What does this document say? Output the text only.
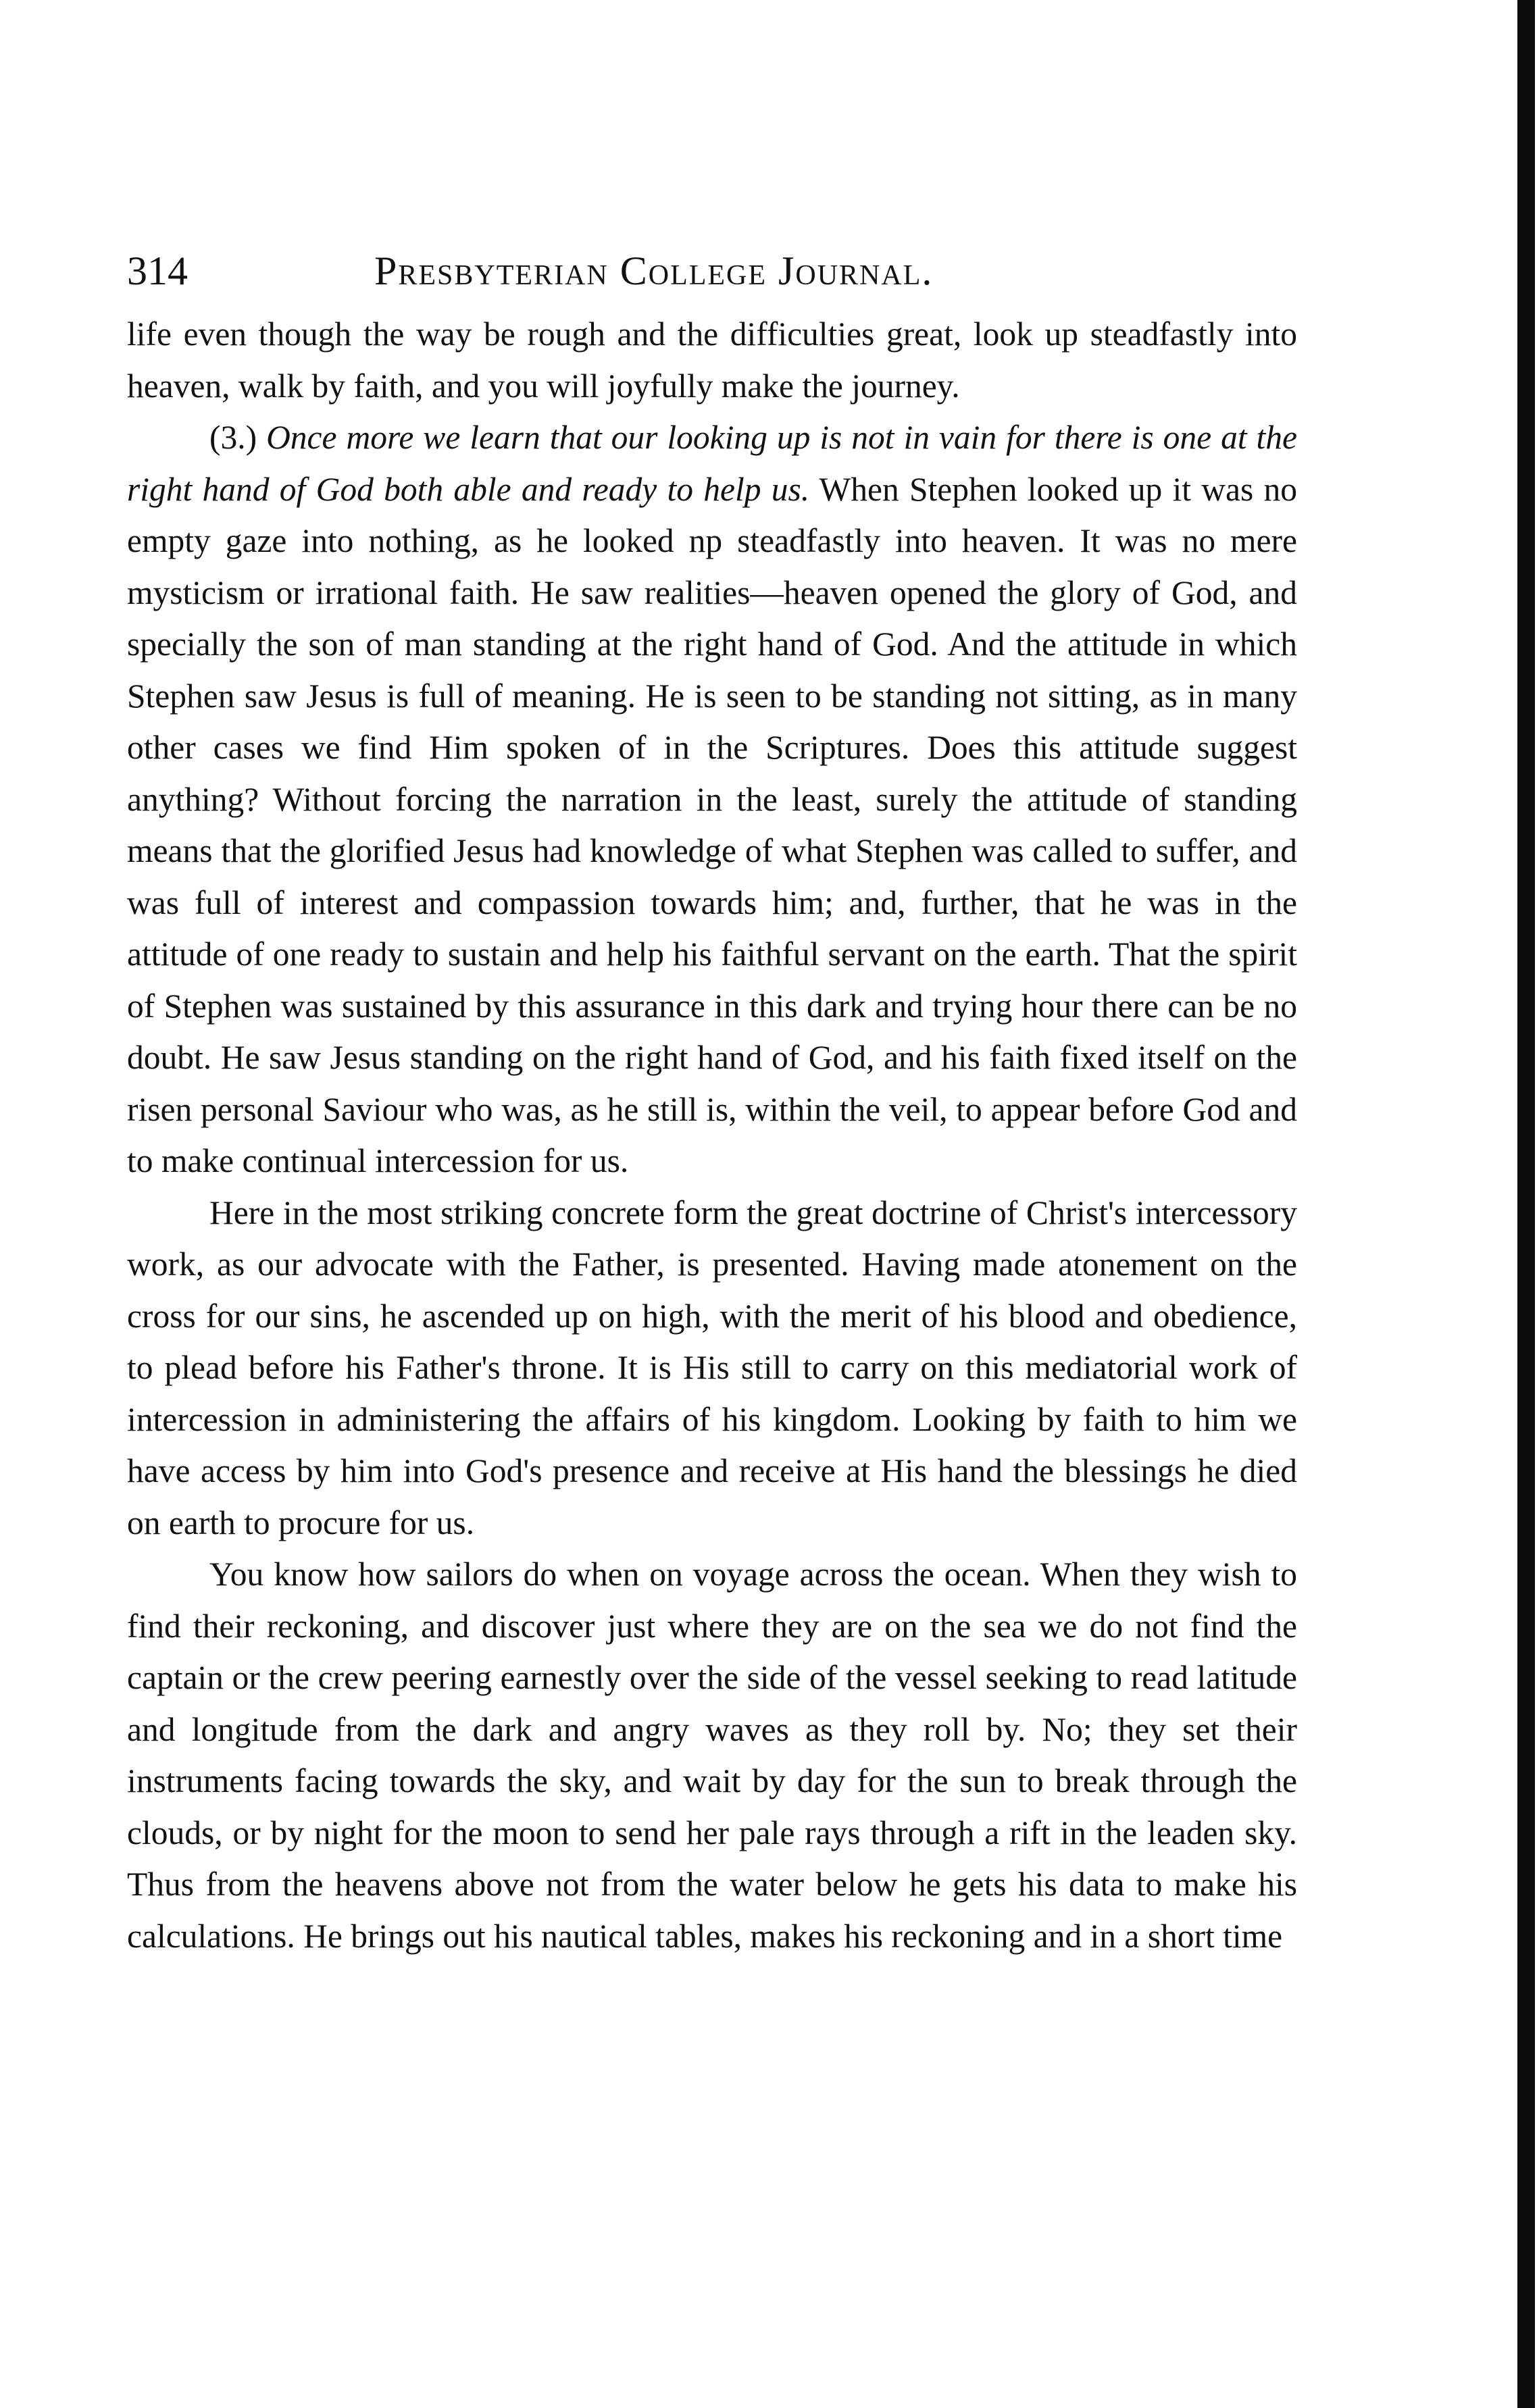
314	Presbyterian College Journal.

life even though the way be rough and the difficulties great, look up steadfastly into heaven, walk by faith, and you will joyfully make the journey.

(3.) Once more we learn that our looking up is not in vain for there is one at the right hand of God both able and ready to help us. When Stephen looked up it was no empty gaze into nothing, as he looked np steadfastly into heaven. It was no mere mysticism or irrational faith. He saw realities—heaven opened the glory of God, and specially the son of man standing at the right hand of God. And the attitude in which Stephen saw Jesus is full of meaning. He is seen to be standing not sitting, as in many other cases we find Him spoken of in the Scriptures. Does this attitude suggest anything? Without forcing the narration in the least, surely the attitude of standing means that the glorified Jesus had knowledge of what Stephen was called to suffer, and was full of interest and compassion towards him; and, further, that he was in the attitude of one ready to sustain and help his faithful servant on the earth. That the spirit of Stephen was sustained by this assurance in this dark and trying hour there can be no doubt. He saw Jesus standing on the right hand of God, and his faith fixed itself on the risen personal Saviour who was, as he still is, within the veil, to appear before God and to make continual intercession for us.

Here in the most striking concrete form the great doctrine of Christ's intercessory work, as our advocate with the Father, is presented. Having made atonement on the cross for our sins, he ascended up on high, with the merit of his blood and obedience, to plead before his Father's throne. It is His still to carry on this mediatorial work of intercession in administering the affairs of his kingdom. Looking by faith to him we have access by him into God's presence and receive at His hand the blessings he died on earth to procure for us.

You know how sailors do when on voyage across the ocean. When they wish to find their reckoning, and discover just where they are on the sea we do not find the captain or the crew peering earnestly over the side of the vessel seeking to read latitude and longitude from the dark and angry waves as they roll by. No; they set their instruments facing towards the sky, and wait by day for the sun to break through the clouds, or by night for the moon to send her pale rays through a rift in the leaden sky. Thus from the heavens above not from the water below he gets his data to make his calculations. He brings out his nautical tables, makes his reckoning and in a short time
